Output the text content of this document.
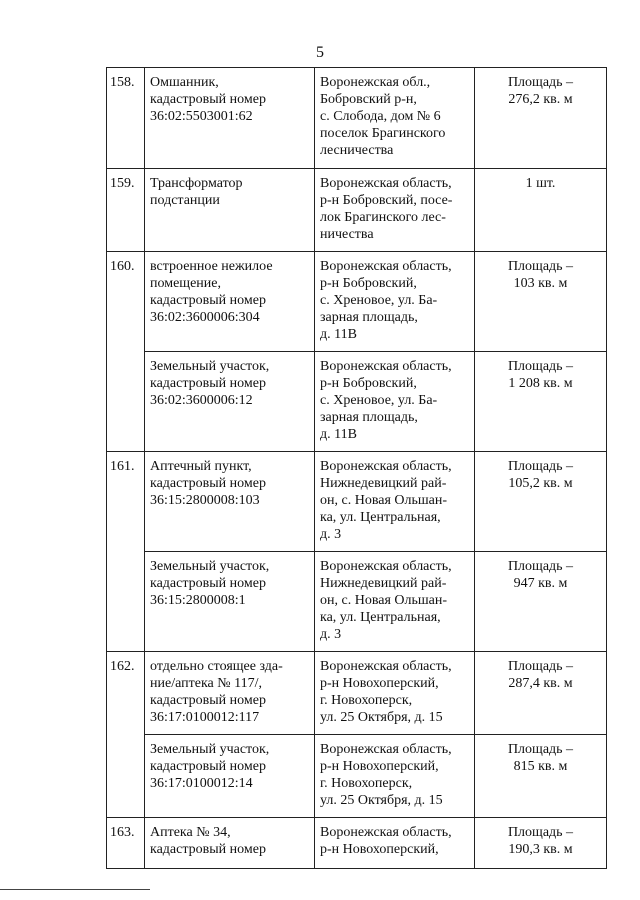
5
158.	Омшанник,
кадастровый номер
36:02:5503001:62	Воронежская обл.,
Бобровский р-н,
с. Слобода, дом № 6
поселок Брагинского
лесничества	Площадь –
276,2 кв. м
159.	Трансформатор
подстанции	Воронежская область,
р-н Бобровский, посе-
лок Брагинского лес-
ничества	1 шт.
160.	встроенное нежилое
помещение,
кадастровый номер
36:02:3600006:304	Воронежская область,
р-н Бобровский,
с. Хреновое, ул. Ба-
зарная площадь,
д. 11В	Площадь –
103 кв. м
	Земельный участок,
кадастровый номер
36:02:3600006:12	Воронежская область,
р-н Бобровский,
с. Хреновое, ул. Ба-
зарная площадь,
д. 11В	Площадь –
1 208 кв. м
161.	Аптечный пункт,
кадастровый номер
36:15:2800008:103	Воронежская область,
Нижнедевицкий рай-
он, с. Новая Ольшан-
ка, ул. Центральная,
д. 3	Площадь –
105,2 кв. м
	Земельный участок,
кадастровый номер
36:15:2800008:1	Воронежская область,
Нижнедевицкий рай-
он, с. Новая Ольшан-
ка, ул. Центральная,
д. 3	Площадь –
947 кв. м
162.	отдельно стоящее зда-
ние/аптека № 117/,
кадастровый номер
36:17:0100012:117	Воронежская область,
р-н Новохоперский,
г. Новохоперск,
ул. 25 Октября, д. 15	Площадь –
287,4 кв. м
	Земельный участок,
кадастровый номер
36:17:0100012:14	Воронежская область,
р-н Новохоперский,
г. Новохоперск,
ул. 25 Октября, д. 15	Площадь –
815 кв. м
163.	Аптека № 34,
кадастровый номер	Воронежская область,
р-н Новохоперский,	Площадь –
190,3 кв. м
